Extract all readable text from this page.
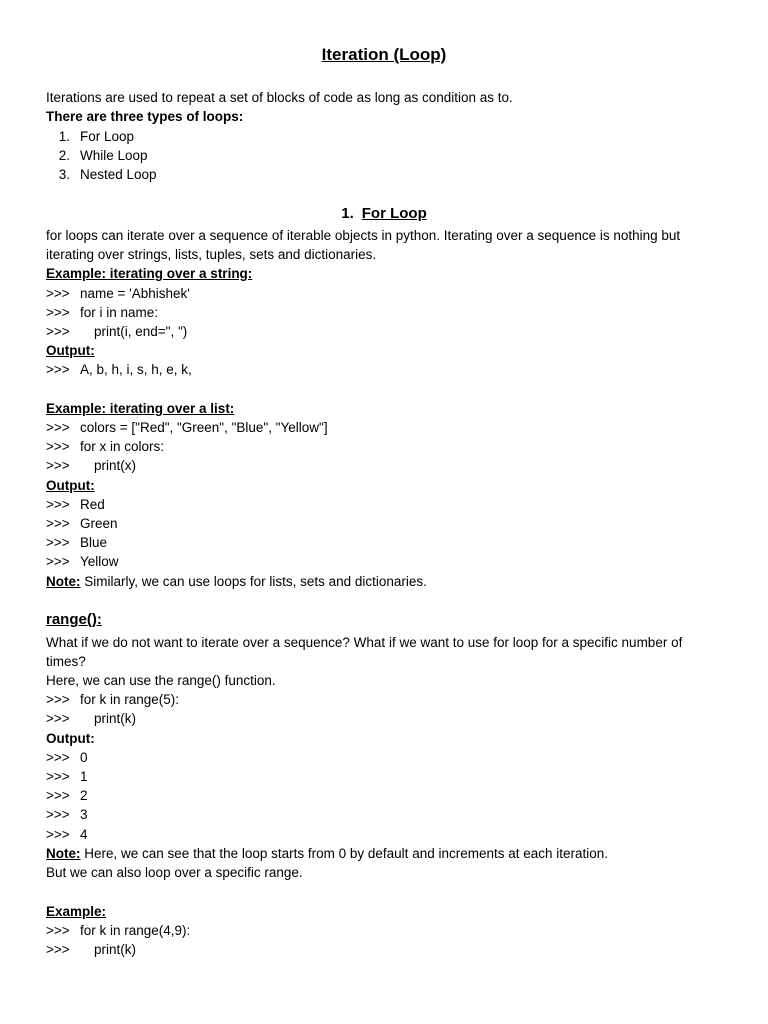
Iteration (Loop)
Iterations are used to repeat a set of blocks of code as long as condition as to.
There are three types of loops:
1. For Loop
2. While Loop
3. Nested Loop
1. For Loop
for loops can iterate over a sequence of iterable objects in python. Iterating over a sequence is nothing but
iterating over strings, lists, tuples, sets and dictionaries.
Example: iterating over a string:
>>> name = 'Abhishek'
>>> for i in name:
>>> print(i, end=", ")
Output:
>>> A, b, h, i, s, h, e, k,
Example: iterating over a list:
>>> colors = ["Red", "Green", "Blue", "Yellow"]
>>> for x in colors:
>>> print(x)
Output:
>>> Red
>>> Green
>>> Blue
>>> Yellow
Note: Similarly, we can use loops for lists, sets and dictionaries.
range():
What if we do not want to iterate over a sequence? What if we want to use for loop for a specific number of
times?
Here, we can use the range() function.
>>> for k in range(5):
>>> print(k)
Output:
>>> 0
>>> 1
>>> 2
>>> 3
>>> 4
Note: Here, we can see that the loop starts from 0 by default and increments at each iteration.
But we can also loop over a specific range.
Example:
>>> for k in range(4,9):
>>> print(k)
